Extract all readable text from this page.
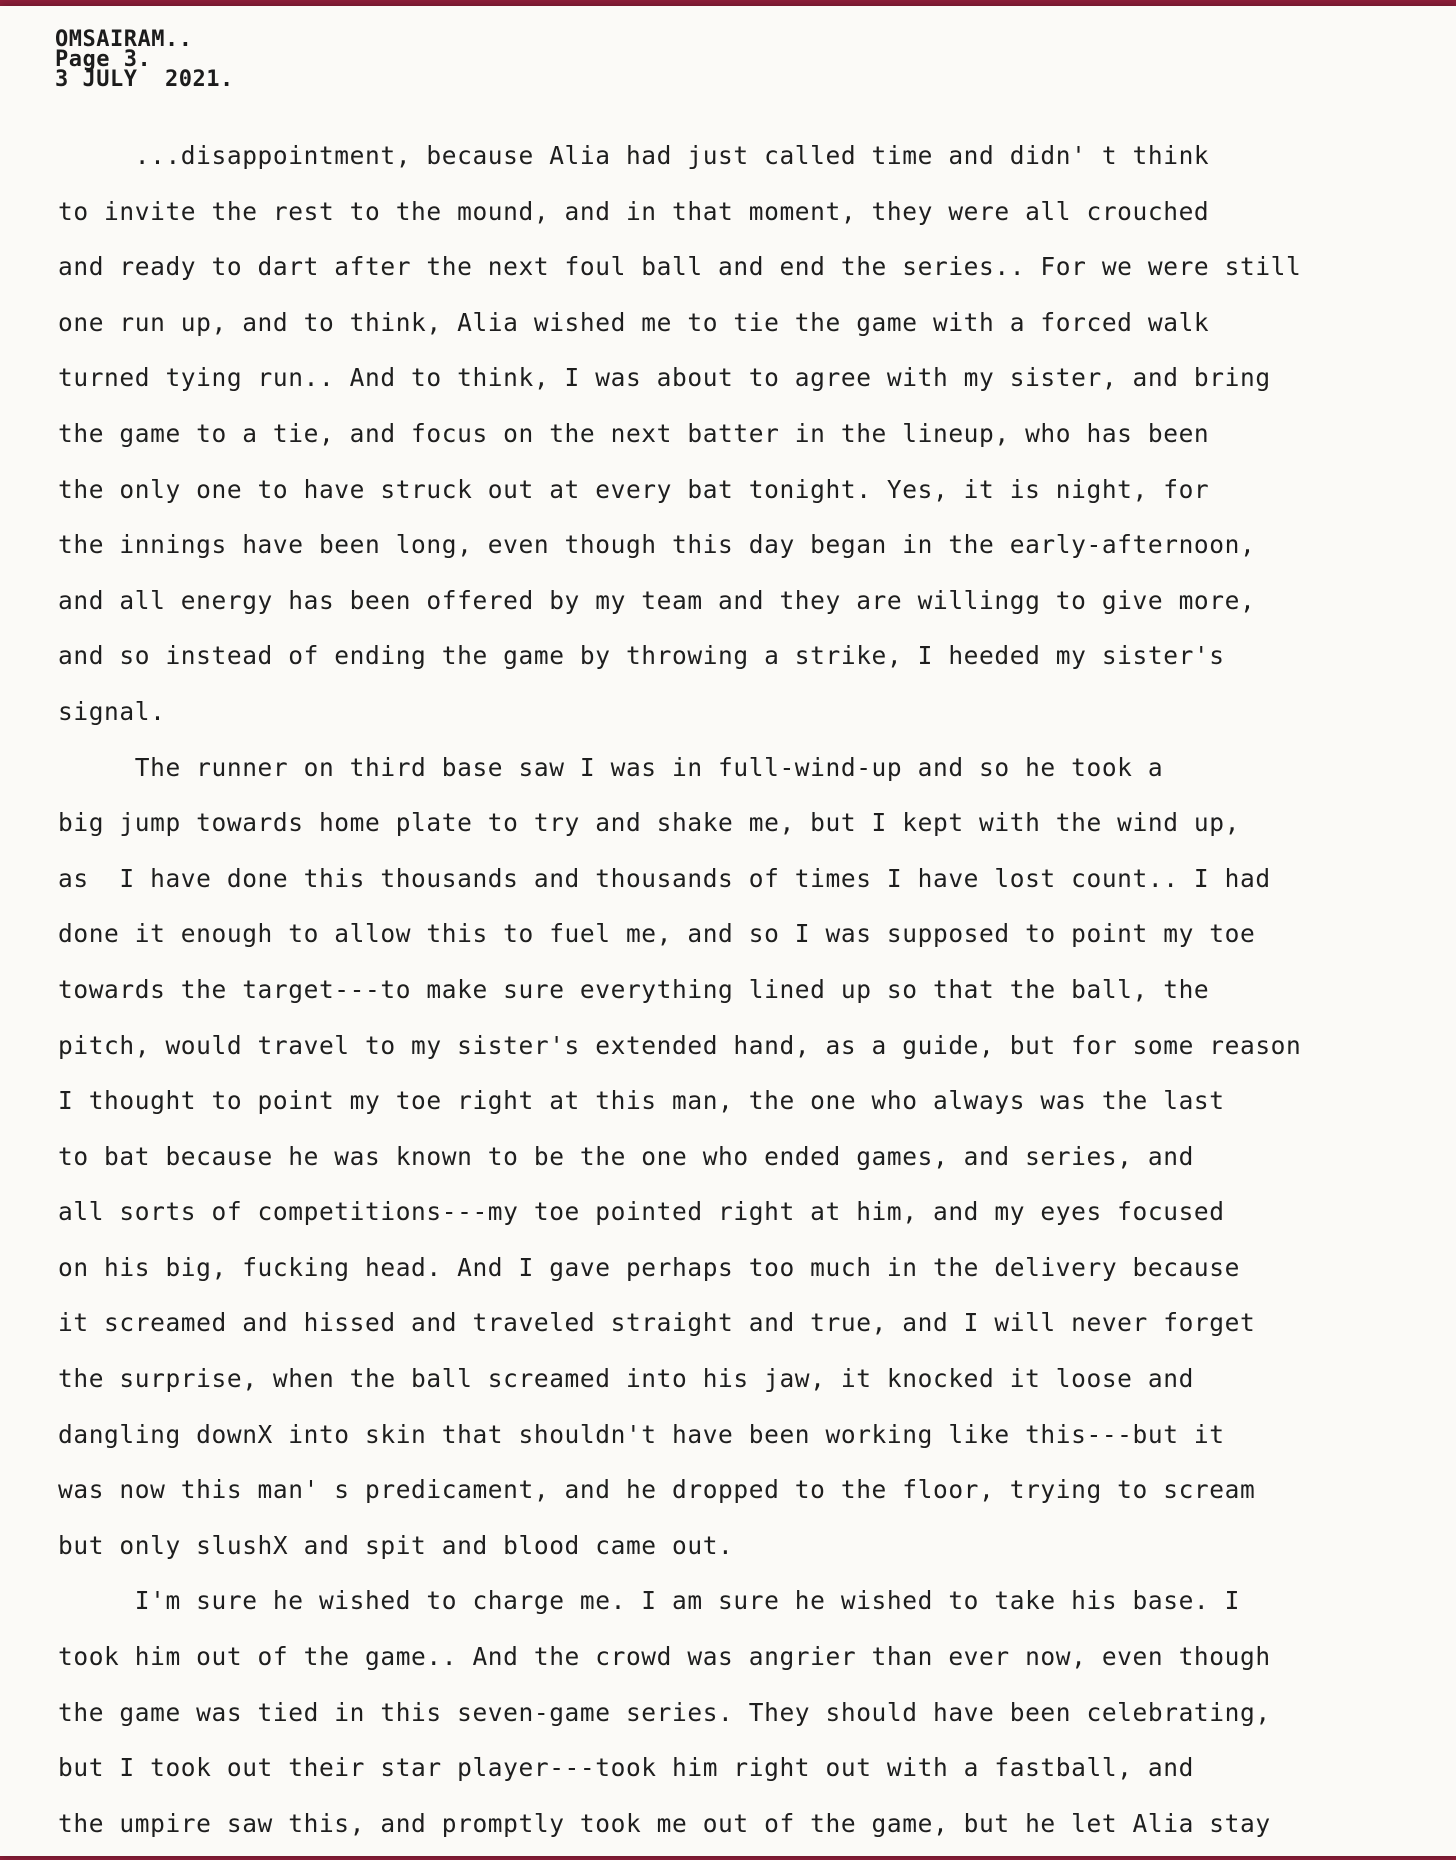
OMSAIRAM..
Page 3.
3 JULY  2021.
...disappointment, because Alia had just called time and didn' t think
to invite the rest to the mound, and in that moment, they were all crouched
and ready to dart after the next foul ball and end the series.. For we were still
one run up, and to think, Alia wished me to tie the game with a forced walk
turned tying run.. And to think, I was about to agree with my sister, and bring
the game to a tie, and focus on the next batter in the lineup, who has been
the only one to have struck out at every bat tonight. Yes, it is night, for
the innings have been long, even though this day began in the early-afternoon,
and all energy has been offered by my team and they are willingg to give more,
and so instead of ending the game by throwing a strike, I heeded my sister's
signal.
The runner on third base saw I was in full-wind-up and so he took a
big jump towards home plate to try and shake me, but I kept with the wind up,
as  I have done this thousands and thousands of times I have lost count.. I had
done it enough to allow this to fuel me, and so I was supposed to point my toe
towards the target---to make sure everything lined up so that the ball, the
pitch, would travel to my sister's extended hand, as a guide, but for some reason
I thought to point my toe right at this man, the one who always was the last
to bat because he was known to be the one who ended games, and series, and
all sorts of competitions---my toe pointed right at him, and my eyes focused
on his big, fucking head. And I gave perhaps too much in the delivery because
it screamed and hissed and traveled straight and true, and I will never forget
the surprise, when the ball screamed into his jaw, it knocked it loose and
dangling downX into skin that shouldn't have been working like this---but it
was now this man' s predicament, and he dropped to the floor, trying to scream
but only slushX and spit and blood came out.
I'm sure he wished to charge me. I am sure he wished to take his base. I
took him out of the game.. And the crowd was angrier than ever now, even though
the game was tied in this seven-game series. They should have been celebrating,
but I took out their star player---took him right out with a fastball, and
the umpire saw this, and promptly took me out of the game, but he let Alia stay
